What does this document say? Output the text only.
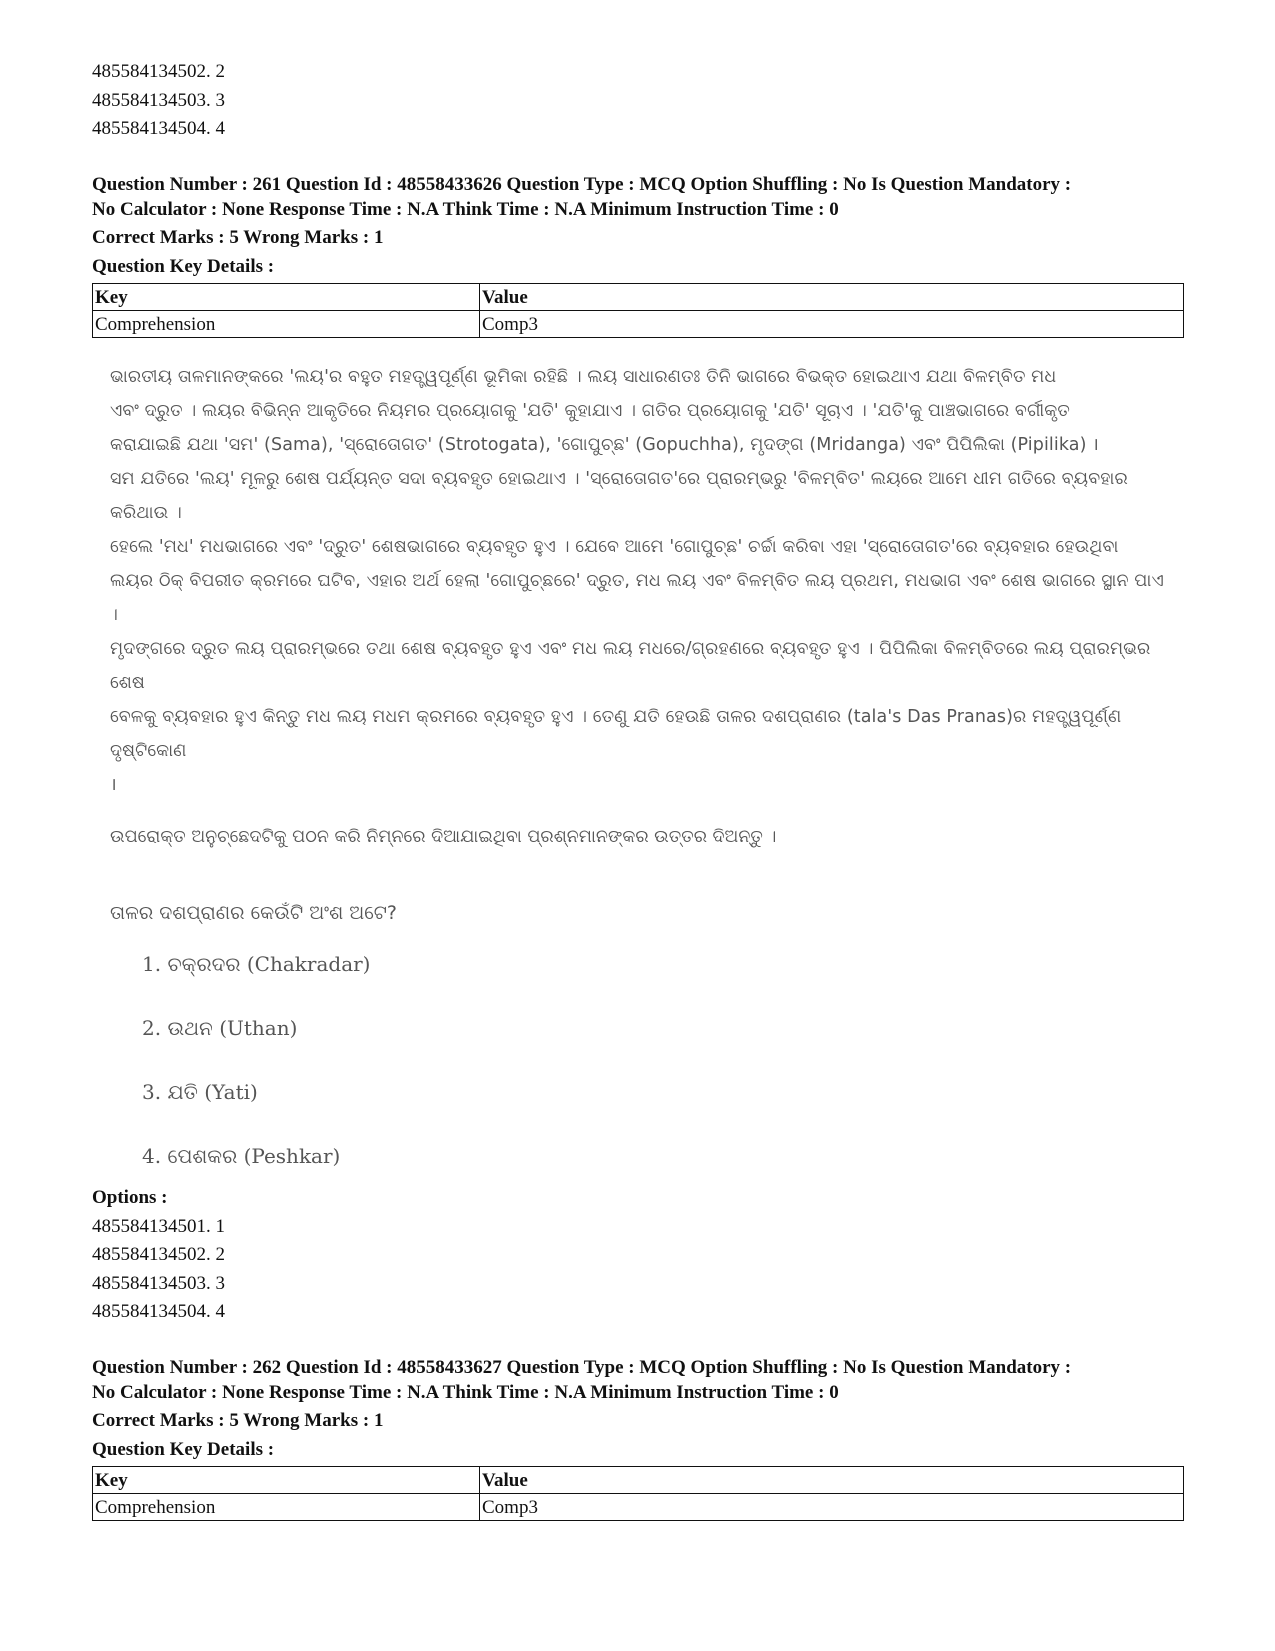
485584134502. 2
485584134503. 3
485584134504. 4
Question Number : 261 Question Id : 48558433626 Question Type : MCQ Option Shuffling : No Is Question Mandatory :
No Calculator : None Response Time : N.A Think Time : N.A Minimum Instruction Time : 0
Correct Marks : 5 Wrong Marks : 1
Question Key Details :
Key	Value
Comprehension	Comp3
ଭାରତୀୟ ତାଳମାନଙ୍କରେ 'ଲୟ'ର ବହୁତ ମହତ୍ତ୍ୱପୂର୍ଣ୍ଣ ଭୂମିକା ରହିଛି । ଲୟ ସାଧାରଣତଃ ତିନି ଭାଗରେ ବିଭକ୍ତ ହୋଇଥାଏ ଯଥା ବିଳମ୍ବିତ ମଧ
ଏବଂ ଦ୍ରୁତ । ଲୟର ବିଭିନ୍ନ ଆକୃତିରେ ନିୟମର ପ୍ରୟୋଗକୁ 'ଯତି' କୁହାଯାଏ । ଗତିର ପ୍ରୟୋଗକୁ 'ଯତି' ସୂଚାଏ । 'ଯତି'କୁ ପାଞ୍ଚଭାଗରେ ବର୍ଗୀକୃତ
କରାଯାଇଛି ଯଥା 'ସମ' (Sama), 'ସ୍ରୋତୋଗତ' (Strotogata), 'ଗୋପୁଚ୍ଛ' (Gopuchha), ମୃଦଙ୍ଗ (Mridanga) ଏବଂ ପିପିଲିକା (Pipilika) ।
ସମ ଯତିରେ 'ଲୟ' ମୂଳରୁ ଶେଷ ପର୍ଯ୍ୟନ୍ତ ସଦା ବ୍ୟବହୃତ ହୋଇଥାଏ । 'ସ୍ରୋତୋଗତ'ରେ ପ୍ରାରମ୍ଭରୁ 'ବିଳମ୍ବିତ' ଲୟରେ ଆମେ ଧୀମ ଗତିରେ ବ୍ୟବହାର କରିଥାଉ ।
ହେଲେ 'ମଧ' ମଧଭାଗରେ ଏବଂ 'ଦ୍ରୁତ' ଶେଷଭାଗରେ ବ୍ୟବହୃତ ହୁଏ । ଯେବେ ଆମେ 'ଗୋପୁଚ୍ଛ' ଚର୍ଚ୍ଚା କରିବା ଏହା 'ସ୍ରୋତୋଗତ'ରେ ବ୍ୟବହାର ହେଉଥିବା
ଲୟର ଠିକ୍ ବିପରୀତ କ୍ରମରେ ଘଟିବ, ଏହାର ଅର୍ଥ ହେଲା 'ଗୋପୁଚ୍ଛରେ' ଦ୍ରୁତ, ମଧ ଲୟ ଏବଂ ବିଳମ୍ବିତ ଲୟ ପ୍ରଥମ, ମଧଭାଗ ଏବଂ ଶେଷ ଭାଗରେ ସ୍ଥାନ ପାଏ ।
ମୃଦଙ୍ଗରେ ଦ୍ରୁତ ଲୟ ପ୍ରାରମ୍ଭରେ ତଥା ଶେଷ ବ୍ୟବହୃତ ହୁଏ ଏବଂ ମଧ ଲୟ ମଧରେ/ଗ୍ରହଣରେ ବ୍ୟବହୃତ ହୁଏ । ପିପିଲିକା ବିଳମ୍ବିତରେ ଲୟ ପ୍ରାରମ୍ଭର ଶେଷ
ବେଳକୁ ବ୍ୟବହାର ହୁଏ କିନ୍ତୁ ମଧ ଲୟ ମଧମ କ୍ରମରେ ବ୍ୟବହୃତ ହୁଏ । ତେଣୁ ଯତି ହେଉଛି ତାଳର ଦଶପ୍ରାଣର (tala's Das Pranas)ର ମହତ୍ତ୍ୱପୂର୍ଣ୍ଣ ଦୃଷ୍ଟିକୋଣ
।
ଉପରୋକ୍ତ ଅନୁଚ୍ଛେଦଟିକୁ ପଠନ କରି ନିମ୍ନରେ ଦିଆଯାଇଥିବା ପ୍ରଶ୍ନମାନଙ୍କର ଉତ୍ତର ଦିଅନ୍ତୁ ।
ତାଳର ଦଶପ୍ରାଣର କେଉଁଟି ଅଂଶ ଅଟେ?
1. ଚକ୍ରଦର (Chakradar)
2. ଉଥନ (Uthan)
3. ଯତି (Yati)
4. ପେଶକର (Peshkar)
Options :
485584134501. 1
485584134502. 2
485584134503. 3
485584134504. 4
Question Number : 262 Question Id : 48558433627 Question Type : MCQ Option Shuffling : No Is Question Mandatory :
No Calculator : None Response Time : N.A Think Time : N.A Minimum Instruction Time : 0
Correct Marks : 5 Wrong Marks : 1
Question Key Details :
Key	Value
Comprehension	Comp3
